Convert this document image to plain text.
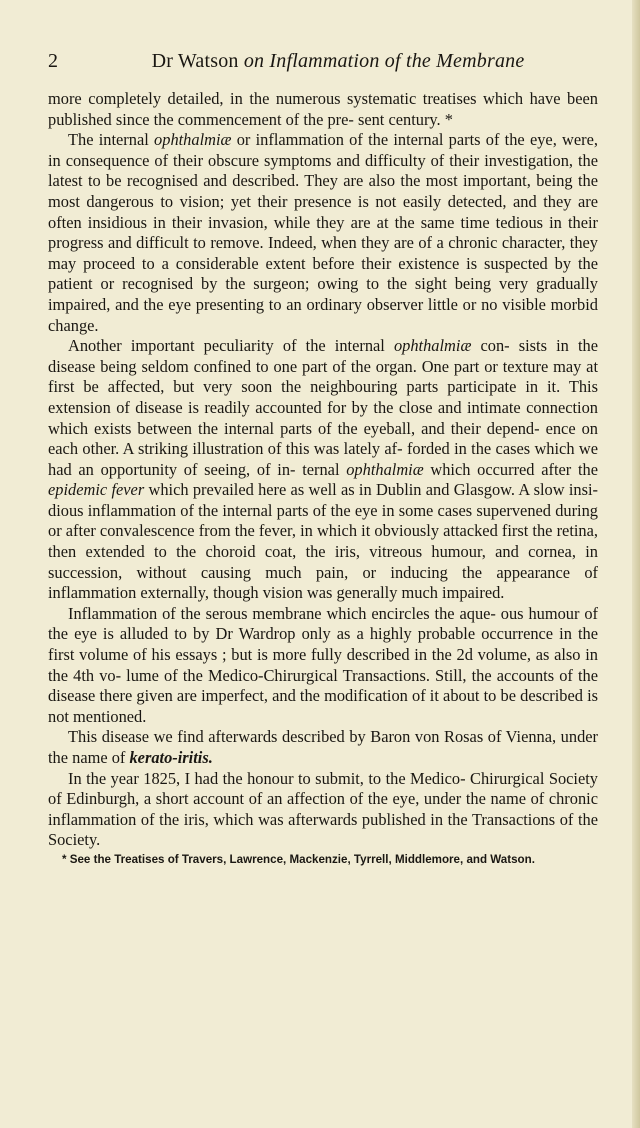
2	Dr Watson on Inflammation of the Membrane

more completely detailed, in the numerous systematic treatises which have been published since the commencement of the pre- sent century. *

The internal ophthalmiæ or inflammation of the internal parts of the eye, were, in consequence of their obscure symptoms and difficulty of their investigation, the latest to be recognised and described. They are also the most important, being the most dangerous to vision; yet their presence is not easily detected, and they are often insidious in their invasion, while they are at the same time tedious in their progress and difficult to remove. Indeed, when they are of a chronic character, they may proceed to a considerable extent before their existence is suspected by the patient or recognised by the surgeon; owing to the sight being very gradually impaired, and the eye presenting to an ordinary observer little or no visible morbid change.

Another important peculiarity of the internal ophthalmiæ con- sists in the disease being seldom confined to one part of the organ. One part or texture may at first be affected, but very soon the neighbouring parts participate in it. This extension of disease is readily accounted for by the close and intimate connection which exists between the internal parts of the eyeball, and their depend- ence on each other. A striking illustration of this was lately af- forded in the cases which we had an opportunity of seeing, of in- ternal ophthalmiæ which occurred after the epidemic fever which prevailed here as well as in Dublin and Glasgow. A slow insi- dious inflammation of the internal parts of the eye in some cases supervened during or after convalescence from the fever, in which it obviously attacked first the retina, then extended to the choroid coat, the iris, vitreous humour, and cornea, in succession, without causing much pain, or inducing the appearance of inflammation externally, though vision was generally much impaired.

Inflammation of the serous membrane which encircles the aque- ous humour of the eye is alluded to by Dr Wardrop only as a highly probable occurrence in the first volume of his essays ; but is more fully described in the 2d volume, as also in the 4th vo- lume of the Medico-Chirurgical Transactions. Still, the accounts of the disease there given are imperfect, and the modification of it about to be described is not mentioned.

This disease we find afterwards described by Baron von Rosas of Vienna, under the name of kerato-iritis.

In the year 1825, I had the honour to submit, to the Medico- Chirurgical Society of Edinburgh, a short account of an affection of the eye, under the name of chronic inflammation of the iris, which was afterwards published in the Transactions of the Society.

* See the Treatises of Travers, Lawrence, Mackenzie, Tyrrell, Middlemore, and Watson.
